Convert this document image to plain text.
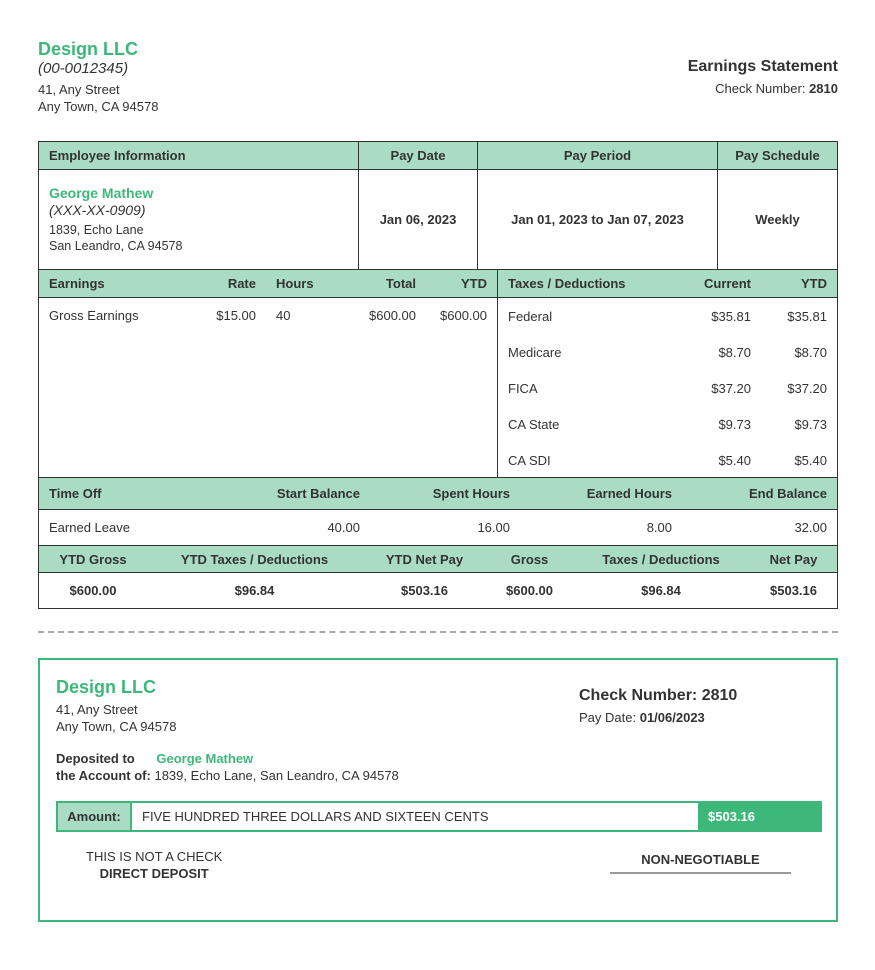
Design LLC
(00-0012345)
41, Any Street
Any Town, CA 94578
Earnings Statement
Check Number: 2810
Employee Information	Pay Date	Pay Period	Pay Schedule
George Mathew
(XXX-XX-0909)
1839, Echo Lane
San Leandro, CA 94578
Jan 06, 2023	Jan 01, 2023 to Jan 07, 2023	Weekly
Earnings	Rate	Hours	Total	YTD
Gross Earnings	$15.00	40	$600.00	$600.00
Taxes / Deductions	Current	YTD
Federal	$35.81	$35.81
Medicare	$8.70	$8.70
FICA	$37.20	$37.20
CA State	$9.73	$9.73
CA SDI	$5.40	$5.40
Time Off	Start Balance	Spent Hours	Earned Hours	End Balance
Earned Leave	40.00	16.00	8.00	32.00
YTD Gross	YTD Taxes / Deductions	YTD Net Pay	Gross	Taxes / Deductions	Net Pay
$600.00	$96.84	$503.16	$600.00	$96.84	$503.16
Design LLC
41, Any Street
Any Town, CA 94578
Check Number: 2810
Pay Date: 01/06/2023
Deposited to George Mathew
the Account of: 1839, Echo Lane, San Leandro, CA 94578
Amount:	FIVE HUNDRED THREE DOLLARS AND SIXTEEN CENTS	$503.16
THIS IS NOT A CHECK
DIRECT DEPOSIT
NON-NEGOTIABLE
